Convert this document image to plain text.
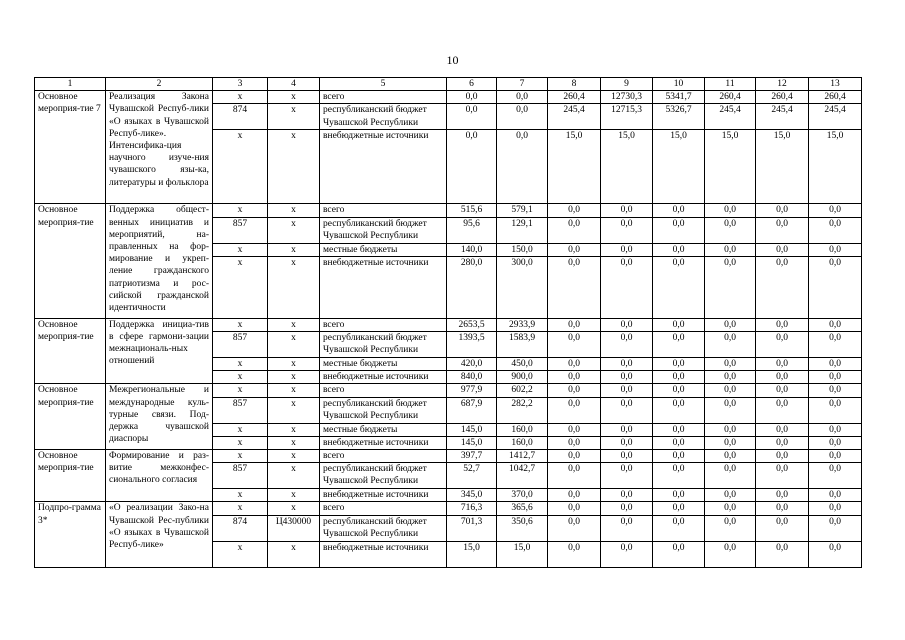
10
1	2	3	4	5	6	7	8	9	10	11	12	13
Основное мероприя-тие 7	Реализация Закона Чувашской Респуб-лики «О языках в Чувашской Респуб-лике». Интенсифика-ция научного изуче-ния чувашского язы-ка, литературы и фольклора	x	x	всего	0,0	0,0	260,4	12730,3	5341,7	260,4	260,4	260,4
		874	x	республиканский бюджет Чувашской Республики	0,0	0,0	245,4	12715,3	5326,7	245,4	245,4	245,4
		x	x	внебюджетные источники	0,0	0,0	15,0	15,0	15,0	15,0	15,0	15,0
Основное мероприя-тие	Поддержка общест-венных инициатив и мероприятий, на-правленных на фор-мирование и укреп-ление гражданского патриотизма и рос-сийской гражданской идентичности	x	x	всего	515,6	579,1	0,0	0,0	0,0	0,0	0,0	0,0
		857	x	республиканский бюджет Чувашской Республики	95,6	129,1	0,0	0,0	0,0	0,0	0,0	0,0
		x	x	местные бюджеты	140,0	150,0	0,0	0,0	0,0	0,0	0,0	0,0
		x	x	внебюджетные источники	280,0	300,0	0,0	0,0	0,0	0,0	0,0	0,0
Основное мероприя-тие	Поддержка инициа-тив в сфере гармони-зации межнациональ-ных отношений	x	x	всего	2653,5	2933,9	0,0	0,0	0,0	0,0	0,0	0,0
		857	x	республиканский бюджет Чувашской Республики	1393,5	1583,9	0,0	0,0	0,0	0,0	0,0	0,0
		x	x	местные бюджеты	420,0	450,0	0,0	0,0	0,0	0,0	0,0	0,0
		x	x	внебюджетные источники	840,0	900,0	0,0	0,0	0,0	0,0	0,0	0,0
Основное мероприя-тие	Межрегиональные и международные куль-турные связи. Под-держка чувашской диаспоры	x	x	всего	977,9	602,2	0,0	0,0	0,0	0,0	0,0	0,0
		857	x	республиканский бюджет Чувашской Республики	687,9	282,2	0,0	0,0	0,0	0,0	0,0	0,0
		x	x	местные бюджеты	145,0	160,0	0,0	0,0	0,0	0,0	0,0	0,0
		x	x	внебюджетные источники	145,0	160,0	0,0	0,0	0,0	0,0	0,0	0,0
Основное мероприя-тие	Формирование и раз-витие межконфес-сионального согласия	x	x	всего	397,7	1412,7	0,0	0,0	0,0	0,0	0,0	0,0
		857	x	республиканский бюджет Чувашской Республики	52,7	1042,7	0,0	0,0	0,0	0,0	0,0	0,0
		x	x	внебюджетные источники	345,0	370,0	0,0	0,0	0,0	0,0	0,0	0,0
Подпро-грамма 3*	«О реализации Зако-на Чувашской Рес-публики «О языках в Чувашской Респуб-лике»	x	x	всего	716,3	365,6	0,0	0,0	0,0	0,0	0,0	0,0
		874	Ц430000	республиканский бюджет Чувашской Республики	701,3	350,6	0,0	0,0	0,0	0,0	0,0	0,0
		x	x	внебюджетные источники	15,0	15,0	0,0	0,0	0,0	0,0	0,0	0,0
